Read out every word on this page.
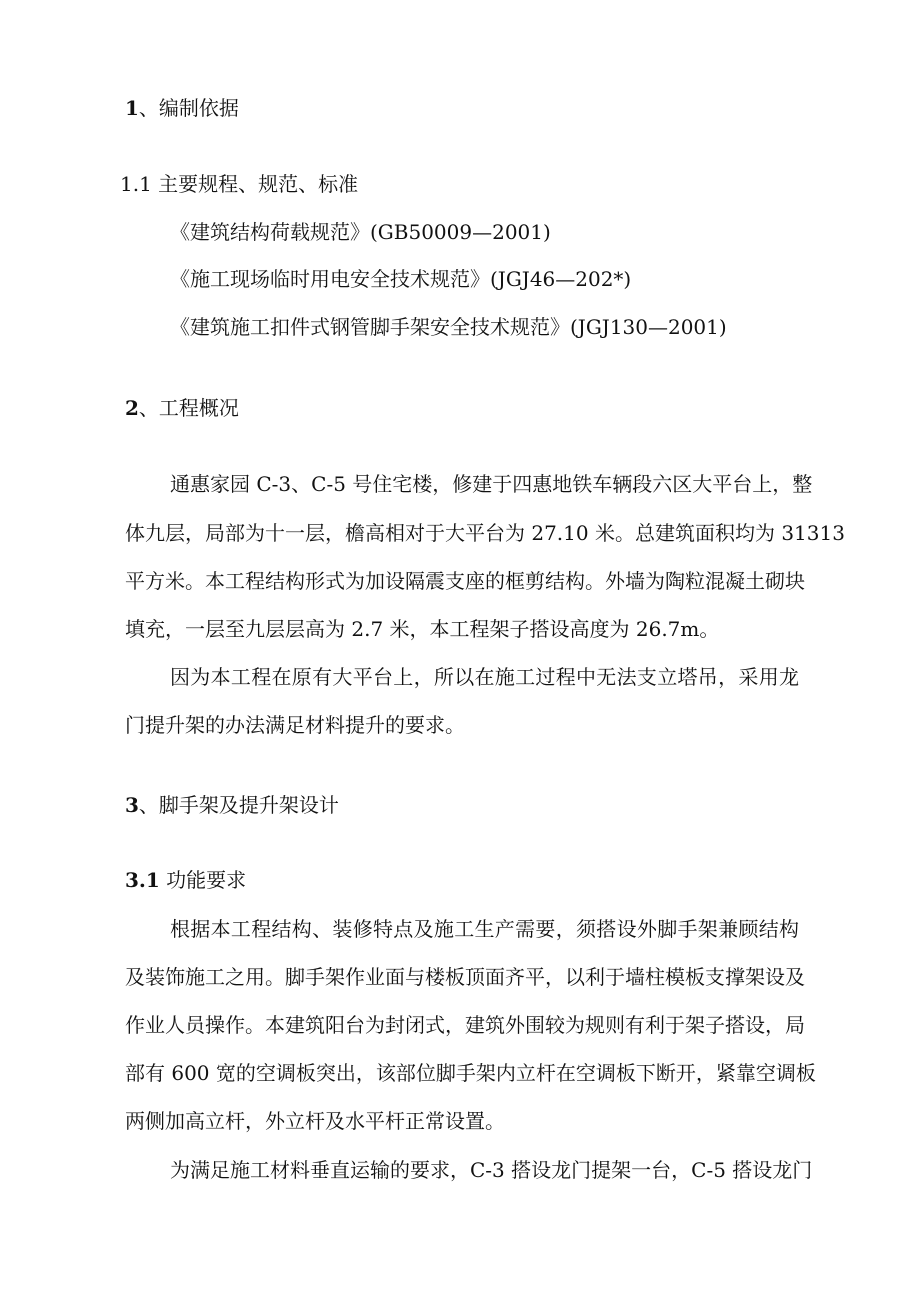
1、编制依据
1.1 主要规程、规范、标准
《建筑结构荷载规范》(GB50009—2001)
《施工现场临时用电安全技术规范》(JGJ46—202*)
《建筑施工扣件式钢管脚手架安全技术规范》(JGJ130—2001)
2、工程概况
通惠家园 C-3、C-5 号住宅楼，修建于四惠地铁车辆段六区大平台上，整
体九层，局部为十一层，檐高相对于大平台为 27.10 米。总建筑面积均为 31313
平方米。本工程结构形式为加设隔震支座的框剪结构。外墙为陶粒混凝土砌块
填充，一层至九层层高为 2.7 米，本工程架子搭设高度为 26.7m。
因为本工程在原有大平台上，所以在施工过程中无法支立塔吊，采用龙
门提升架的办法满足材料提升的要求。
3、脚手架及提升架设计
3.1 功能要求
根据本工程结构、装修特点及施工生产需要，须搭设外脚手架兼顾结构
及装饰施工之用。脚手架作业面与楼板顶面齐平，以利于墙柱模板支撑架设及
作业人员操作。本建筑阳台为封闭式，建筑外围较为规则有利于架子搭设，局
部有 600 宽的空调板突出，该部位脚手架内立杆在空调板下断开，紧靠空调板
两侧加高立杆，外立杆及水平杆正常设置。
为满足施工材料垂直运输的要求，C-3 搭设龙门提架一台，C-5 搭设龙门
